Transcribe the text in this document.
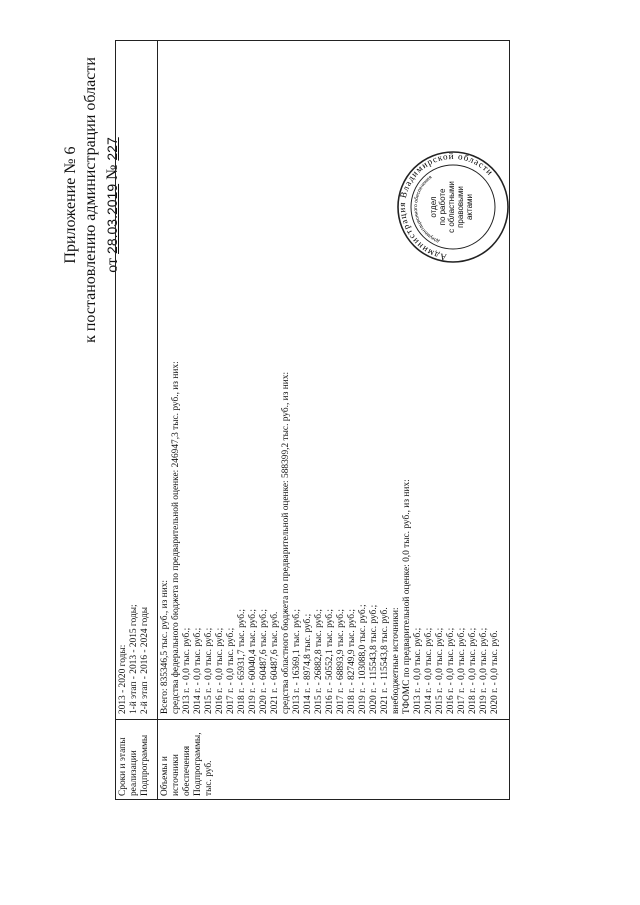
Приложение № 6 к постановлению администрации области от 28.03.2019 № 227
Сроки и этапы реализации Подпрограммы
2013 - 2020 годы: 1-й этап - 2013 - 2015 годы; 2-й этап - 2016 - 2024 годы
Объемы и источники обеспечения Подпрограммы, тыс. руб.
Всего: 835346,5 тыс. руб., из них: средства федерального бюджета по предварительной оценке: 246947,3 тыс. руб., из них: 2013 г. - 0,0 тыс. руб.; 2014 г. - 0,0 тыс. руб.; 2015 г. - 0,0 тыс. руб.; 2016 г. - 0,0 тыс. руб.; 2017 г. - 0,0 тыс. руб.; 2018 г. - 65931,7 тыс. руб.; 2019 г. - 60040,4 тыс. руб.; 2020 г. - 60487,6 тыс. руб.; 2021 г. - 60487,6 тыс. руб. средства областного бюджета по предварительной оценке: 588399,2 тыс. руб., из них: 2013 г. - 16369,1 тыс. руб.; 2014 г. - 8974,8 тыс. руб.; 2015 г. - 26882,8 тыс. руб.; 2016 г. - 50552,1 тыс. руб.; 2017 г. - 68893,9 тыс. руб.; 2018 г. - 82749,9 тыс. руб.; 2019 г. - 103088,0 тыс. руб.; 2020 г. - 115543,8 тыс. руб.; 2021 г. - 115543,8 тыс. руб. внебюджетные источники: ТФОМС по предварительной оценке: 0,0 тыс. руб., из них: 2013 г. - 0,0 тыс. руб.; 2014 г. - 0,0 тыс. руб.; 2015 г. - 0,0 тыс. руб.; 2016 г. - 0,0 тыс. руб.; 2017 г. - 0,0 тыс. руб.; 2018 г. - 0,0 тыс. руб.; 2019 г. - 0,0 тыс. руб.; 2020 г. - 0,0 тыс. руб.
Администрация Владимирской области
документационного обеспечения
отдел по работе с областными правовыми актами
